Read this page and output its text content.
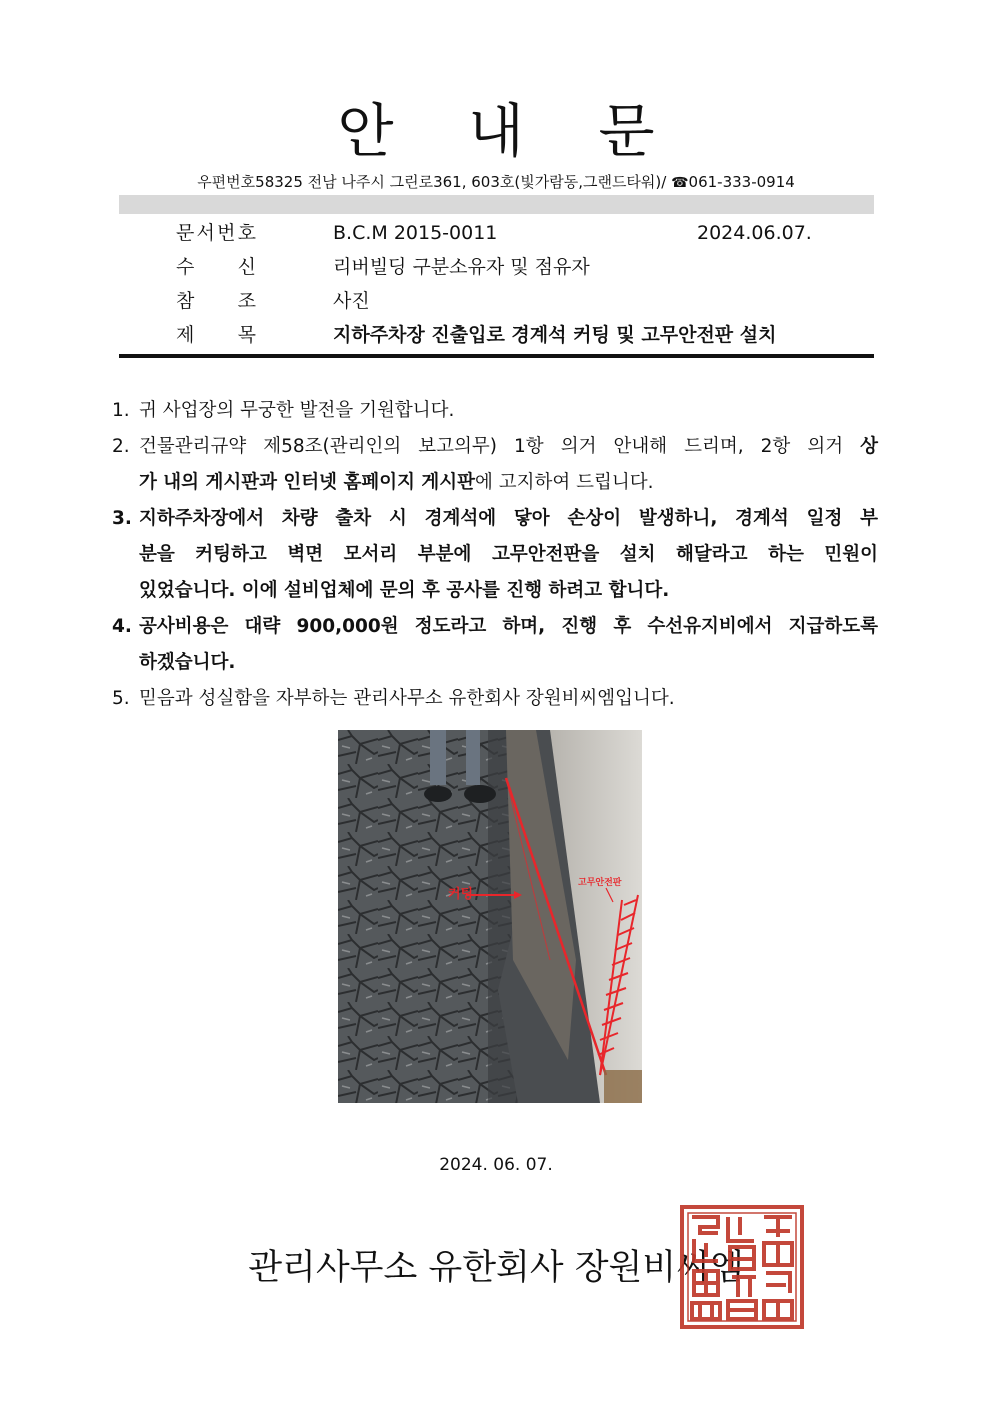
안 내 문
우편번호58325 전남 나주시 그린로361, 603호(빛가람동,그랜드타워)/ ☎061-333-0914
문 서 번 호	B.C.M 2015-0011	2024.06.07.
수 신	리버빌딩 구분소유자 및 점유자
참 조	사진
제 목	지하주차장 진출입로 경계석 커팅 및 고무안전판 설치

1. 귀 사업장의 무궁한 발전을 기원합니다.

2. 건물관리규약 제58조(관리인의 보고의무) 1항 의거 안내해 드리며, 2항 의거 상
가 내의 게시판과 인터넷 홈페이지 게시판에 고지하여 드립니다.

3. 지하주차장에서 차량 출차 시 경계석에 닿아 손상이 발생하니, 경계석 일정 부
분을 커팅하고 벽면 모서리 부분에 고무안전판을 설치 해달라고 하는 민원이
있었습니다. 이에 설비업체에 문의 후 공사를 진행 하려고 합니다.

4. 공사비용은 대략 900,000원 정도라고 하며, 진행 후 수선유지비에서 지급하도록
하겠습니다.

5. 믿음과 성실함을 자부하는 관리사무소 유한회사 장원비씨엠입니다.

커팅
고무안전판
2024. 06. 07.
관리사무소 유한회사 장원비씨엠
